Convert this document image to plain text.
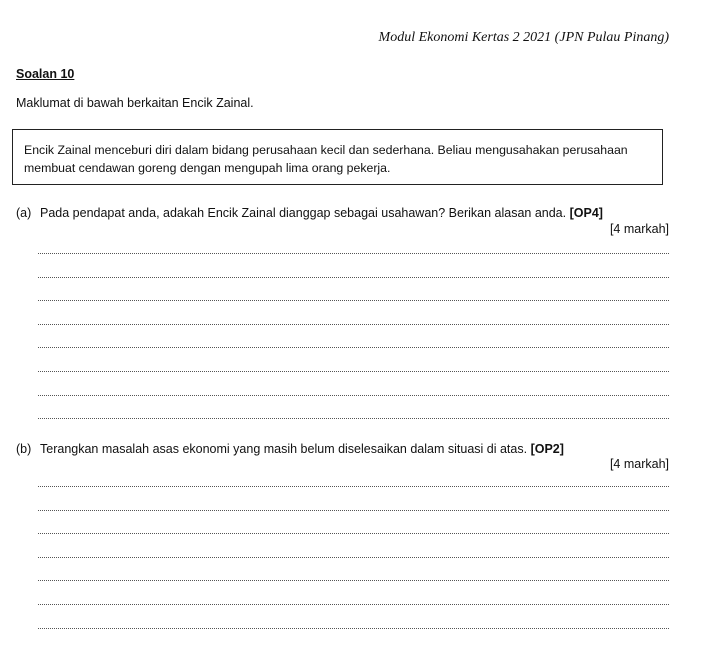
Modul Ekonomi Kertas 2 2021 (JPN Pulau Pinang)
Soalan 10
Maklumat di bawah berkaitan Encik Zainal.
Encik Zainal menceburi diri dalam bidang perusahaan kecil dan sederhana. Beliau mengusahakan perusahaan membuat cendawan goreng dengan mengupah lima orang pekerja.
(a) Pada pendapat anda, adakah Encik Zainal dianggap sebagai usahawan? Berikan alasan anda. [OP4]
[4 markah]
(b) Terangkan masalah asas ekonomi yang masih belum diselesaikan dalam situasi di atas. [OP2]
[4 markah]
